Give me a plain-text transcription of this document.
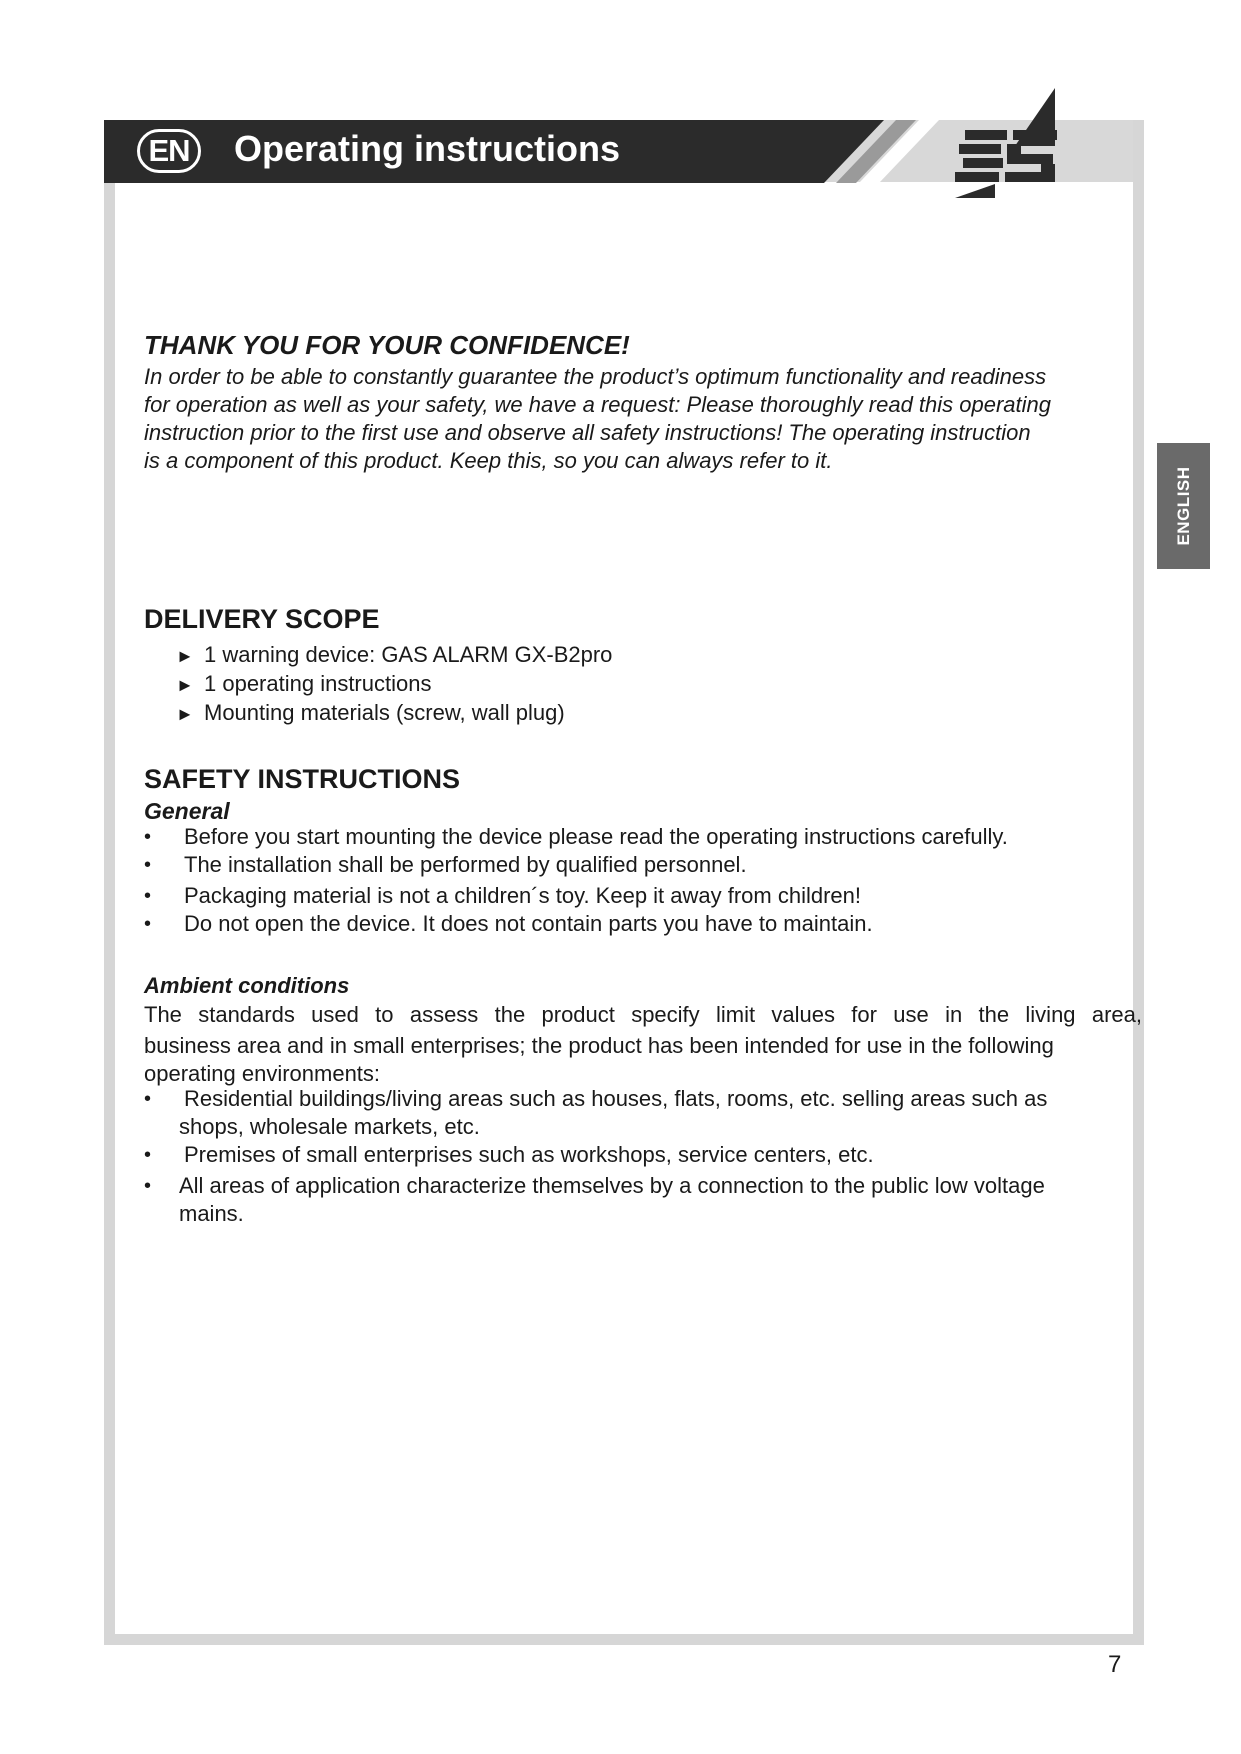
EN	Operating instructions
ENGLISH
THANK YOU FOR YOUR CONFIDENCE!

In order to be able to constantly guarantee the product’s optimum functionality and readiness

for operation as well as your safety, we have a request: Please thoroughly read this operating

instruction prior to the first use and observe all safety instructions! The operating instruction

is a component of this product. Keep this, so you can always refer to it.

DELIVERY SCOPE
► 1 warning device: GAS ALARM GX-B2pro
► 1 operating instructions
► Mounting materials (screw, wall plug)
SAFETY INSTRUCTIONS
General
• Before you start mounting the device please read the operating instructions carefully.
• The installation shall be performed by qualified personnel.
• Packaging material is not a children´s toy. Keep it away from children!
• Do not open the device. It does not contain parts you have to maintain.
Ambient conditions
The standards used to assess the product specify limit values for use in the living area,
business area and in small enterprises; the product has been intended for use in the following
operating environments:
• Residential buildings/living areas such as houses, flats, rooms, etc. selling areas such as
shops, wholesale markets, etc.
• Premises of small enterprises such as workshops, service centers, etc.
• All areas of application characterize themselves by a connection to the public low voltage
mains.
7
